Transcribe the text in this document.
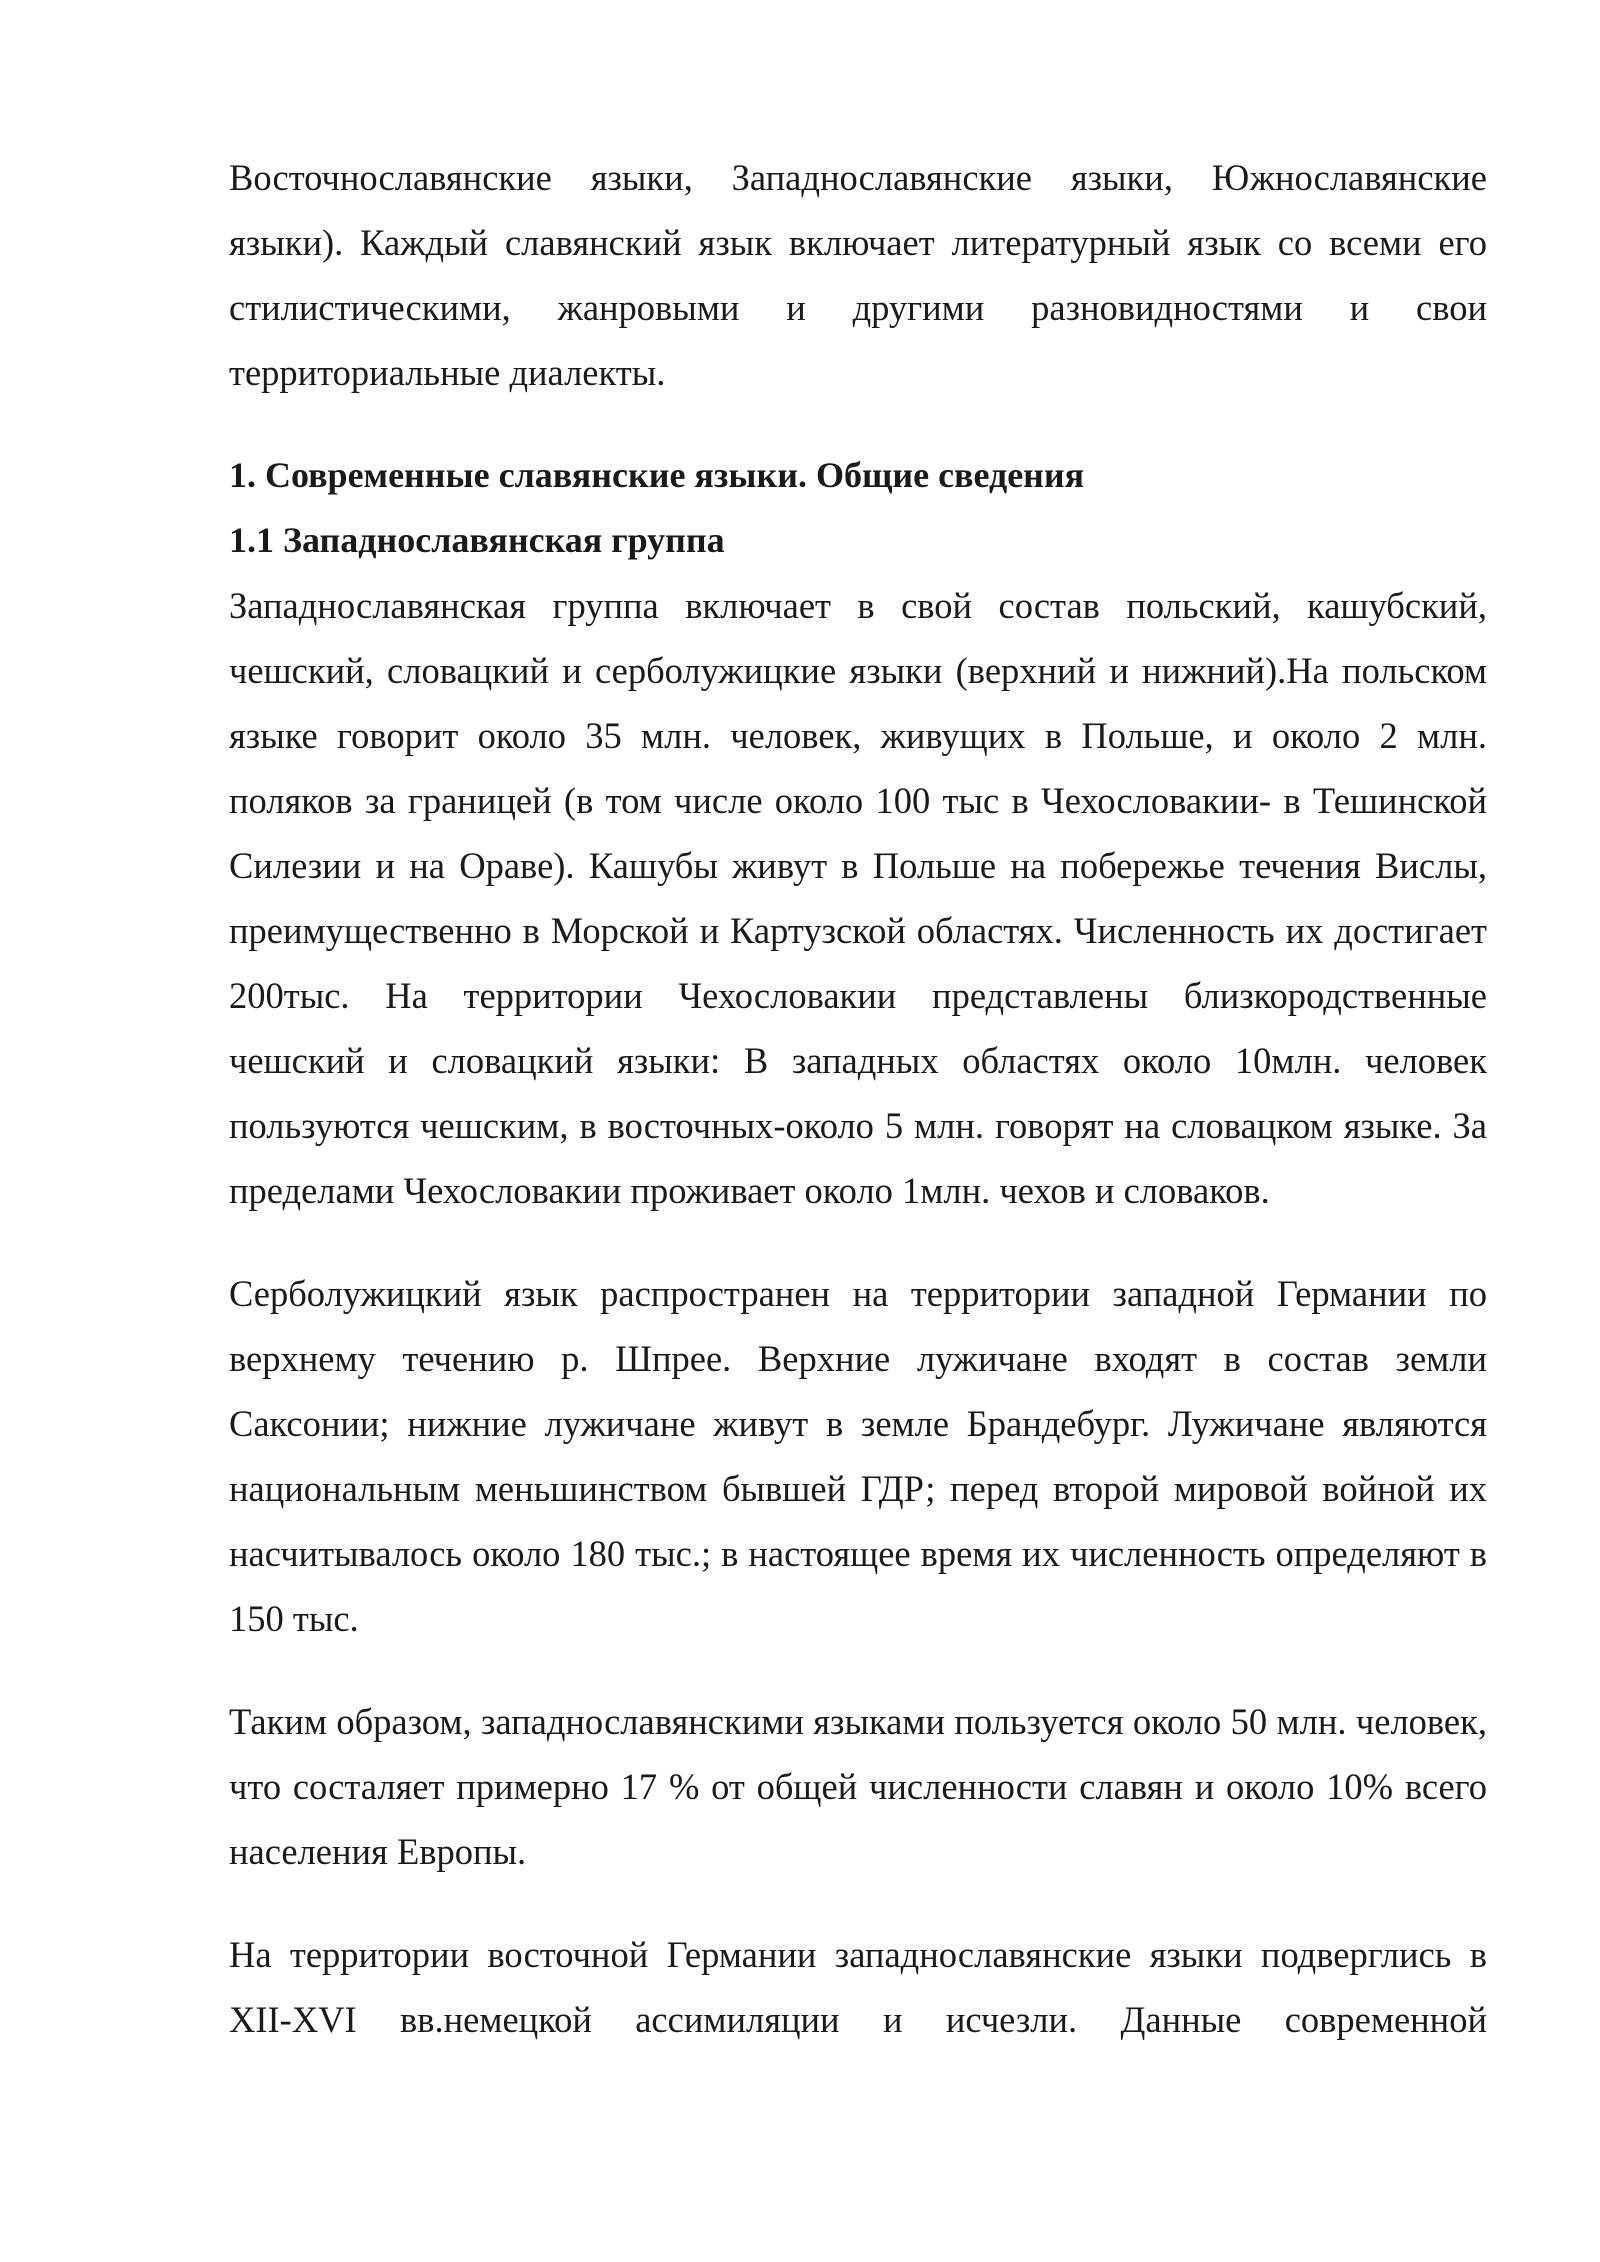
Восточнославянские языки, Западнославянские языки, Южнославянские языки). Каждый славянский язык включает литературный язык со всеми его стилистическими, жанровыми и другими разновидностями и свои территориальные диалекты.

1. Современные славянские языки. Общие сведения
1.1 Западнославянская группа

Западнославянская группа включает в свой состав польский, кашубский, чешский, словацкий и серболужицкие языки (верхний и нижний).На польском языке говорит около 35 млн. человек, живущих в Польше, и около 2 млн. поляков за границей (в том числе около 100 тыс в Чехословакии- в Тешинской Силезии и на Ораве). Кашубы живут в Польше на побережье течения Вислы, преимущественно в Морской и Картузской областях. Численность их достигает 200тыс. На территории Чехословакии представлены близкородственные чешский и словацкий языки: В западных областях около 10млн. человек пользуются чешским, в восточных-около 5 млн. говорят на словацком языке. За пределами Чехословакии проживает около 1млн. чехов и словаков.

Серболужицкий язык распространен на территории западной Германии по верхнему течению р. Шпрее. Верхние лужичане входят в состав земли Саксонии; нижние лужичане живут в земле Брандебург. Лужичане являются национальным меньшинством бывшей ГДР; перед второй мировой войной их насчитывалось около 180 тыс.; в настоящее время их численность определяют в 150 тыс.

Таким образом, западнославянскими языками пользуется около 50 млн. человек, что состаляет примерно 17 % от общей численности славян и около 10% всего населения Европы.

На территории восточной Германии западнославянские языки подверглись в XII-XVI вв.немецкой ассимиляции и исчезли. Данные современной
